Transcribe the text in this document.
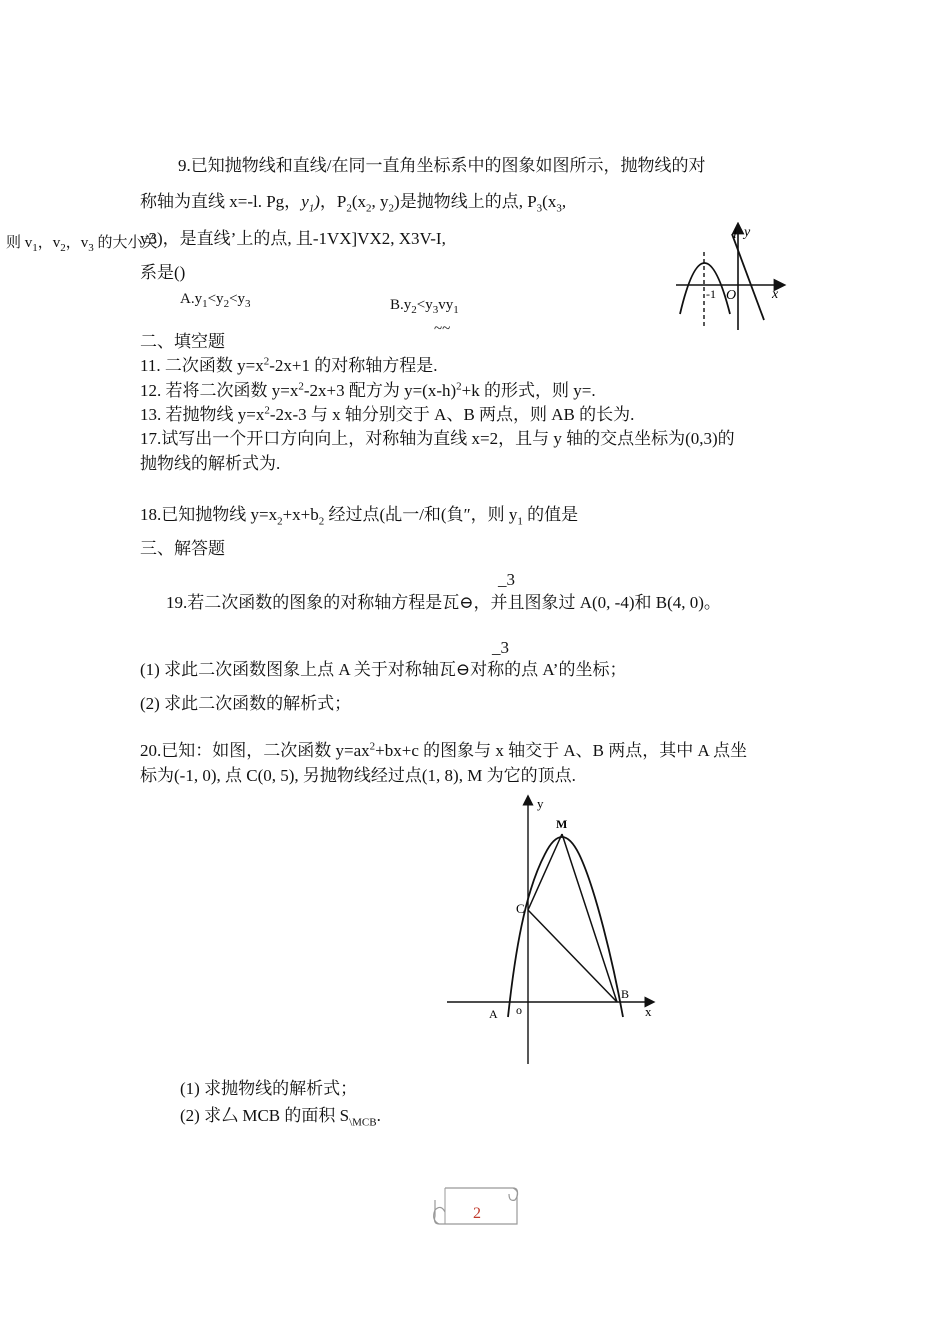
9.已知抛物线和直线/在同一直角坐标系中的图象如图所示，抛物线的对
称轴为直线 x=-l. Pg，$y_1$)，$P_2(x_2$, $y_2$)是抛物线上的点, $P_3(x_3$,
则 $v_1$，$v_2$，$v_3$ 的大小关
y3)，是直线’上的点, 且-1VX]VX2, X3V-I,
系是()
$A.y_1<y_2<y_3$	$B.y_2<y_3vy_1$
~~
l y
x
O
-1
二、填空题
11. 二次函数 $y=x^2-2x+1$ 的对称轴方程是.
12. 若将二次函数 $y=x^2-2x+3$ 配方为 $y=(x-h)^2+k$ 的形式，则 y=.
13. 若抛物线 $y=x^2-2x-3$ 与 x 轴分别交于 A、B 两点，则 AB 的长为.
17.试写出一个开口方向向上，对称轴为直线 x=2，且与 y 轴的交点坐标为(0,3)的
抛物线的解析式为.
18.已知抛物线 $y=x_2+x+b_2$ 经过点(乩一/和(負″，则 $y_1$ 的值是
三、解答题
_3
19.若二次函数的图象的对称轴方程是瓦⊖，并且图象过 A(0, -4)和 B(4, 0)。
_3
(1) 求此二次函数图象上点 A 关于对称轴瓦⊖对称的点 A’的坐标；
(2) 求此二次函数的解析式；
20.已知：如图，二次函数 $y=ax^2+bx+c$ 的图象与 x 轴交于 A、B 两点，其中 A 点坐
标为(-1, 0), 点 C(0, 5), 另抛物线经过点(1, 8), M 为它的顶点.
y
x
M
C
A
B
o
(1) 求抛物线的解析式；
(2) 求厶 MCB 的面积 $S_{\backslash MCB}$.
2
